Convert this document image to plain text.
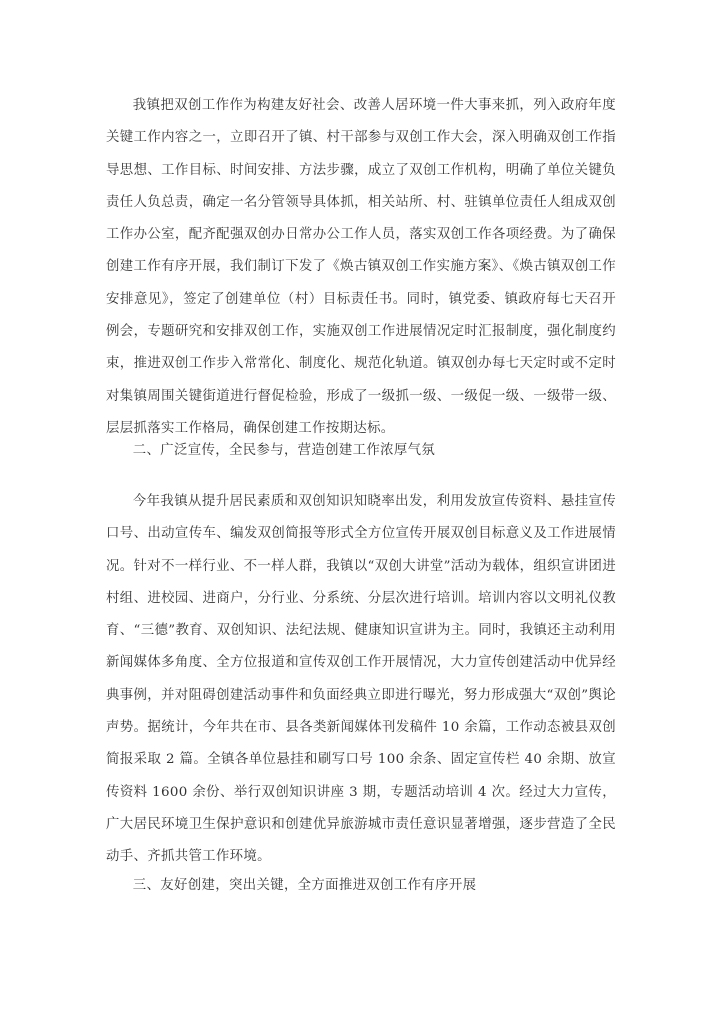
我镇把双创工作作为构建友好社会、改善人居环境一件大事来抓，列入政府年度关键工作内容之一，立即召开了镇、村干部参与双创工作大会，深入明确双创工作指导思想、工作目标、时间安排、方法步骤，成立了双创工作机构，明确了单位关键负责任人负总责，确定一名分管领导具体抓，相关站所、村、驻镇单位责任人组成双创工作办公室，配齐配强双创办日常办公工作人员，落实双创工作各项经费。为了确保创建工作有序开展，我们制订下发了《焕古镇双创工作实施方案》、《焕古镇双创工作安排意见》，签定了创建单位（村）目标责任书。同时，镇党委、镇政府每七天召开例会，专题研究和安排双创工作，实施双创工作进展情况定时汇报制度，强化制度约束，推进双创工作步入常常化、制度化、规范化轨道。镇双创办每七天定时或不定时对集镇周围关键街道进行督促检验，形成了一级抓一级、一级促一级、一级带一级、层层抓落实工作格局，确保创建工作按期达标。

二、广泛宣传，全民参与，营造创建工作浓厚气氛

今年我镇从提升居民素质和双创知识知晓率出发，利用发放宣传资料、悬挂宣传口号、出动宣传车、编发双创简报等形式全方位宣传开展双创目标意义及工作进展情况。针对不一样行业、不一样人群，我镇以“双创大讲堂”活动为载体，组织宣讲团进村组、进校园、进商户，分行业、分系统、分层次进行培训。培训内容以文明礼仪教育、“三德”教育、双创知识、法纪法规、健康知识宣讲为主。同时，我镇还主动利用新闻媒体多角度、全方位报道和宣传双创工作开展情况，大力宣传创建活动中优异经典事例，并对阻碍创建活动事件和负面经典立即进行曝光，努力形成强大“双创”舆论声势。据统计，今年共在市、县各类新闻媒体刊发稿件 10 余篇，工作动态被县双创简报采取 2 篇。全镇各单位悬挂和刷写口号 100 余条、固定宣传栏 40 余期、放宣传资料 1600 余份、举行双创知识讲座 3 期，专题活动培训 4 次。经过大力宣传，广大居民环境卫生保护意识和创建优异旅游城市责任意识显著增强，逐步营造了全民动手、齐抓共管工作环境。

三、友好创建，突出关键，全方面推进双创工作有序开展
